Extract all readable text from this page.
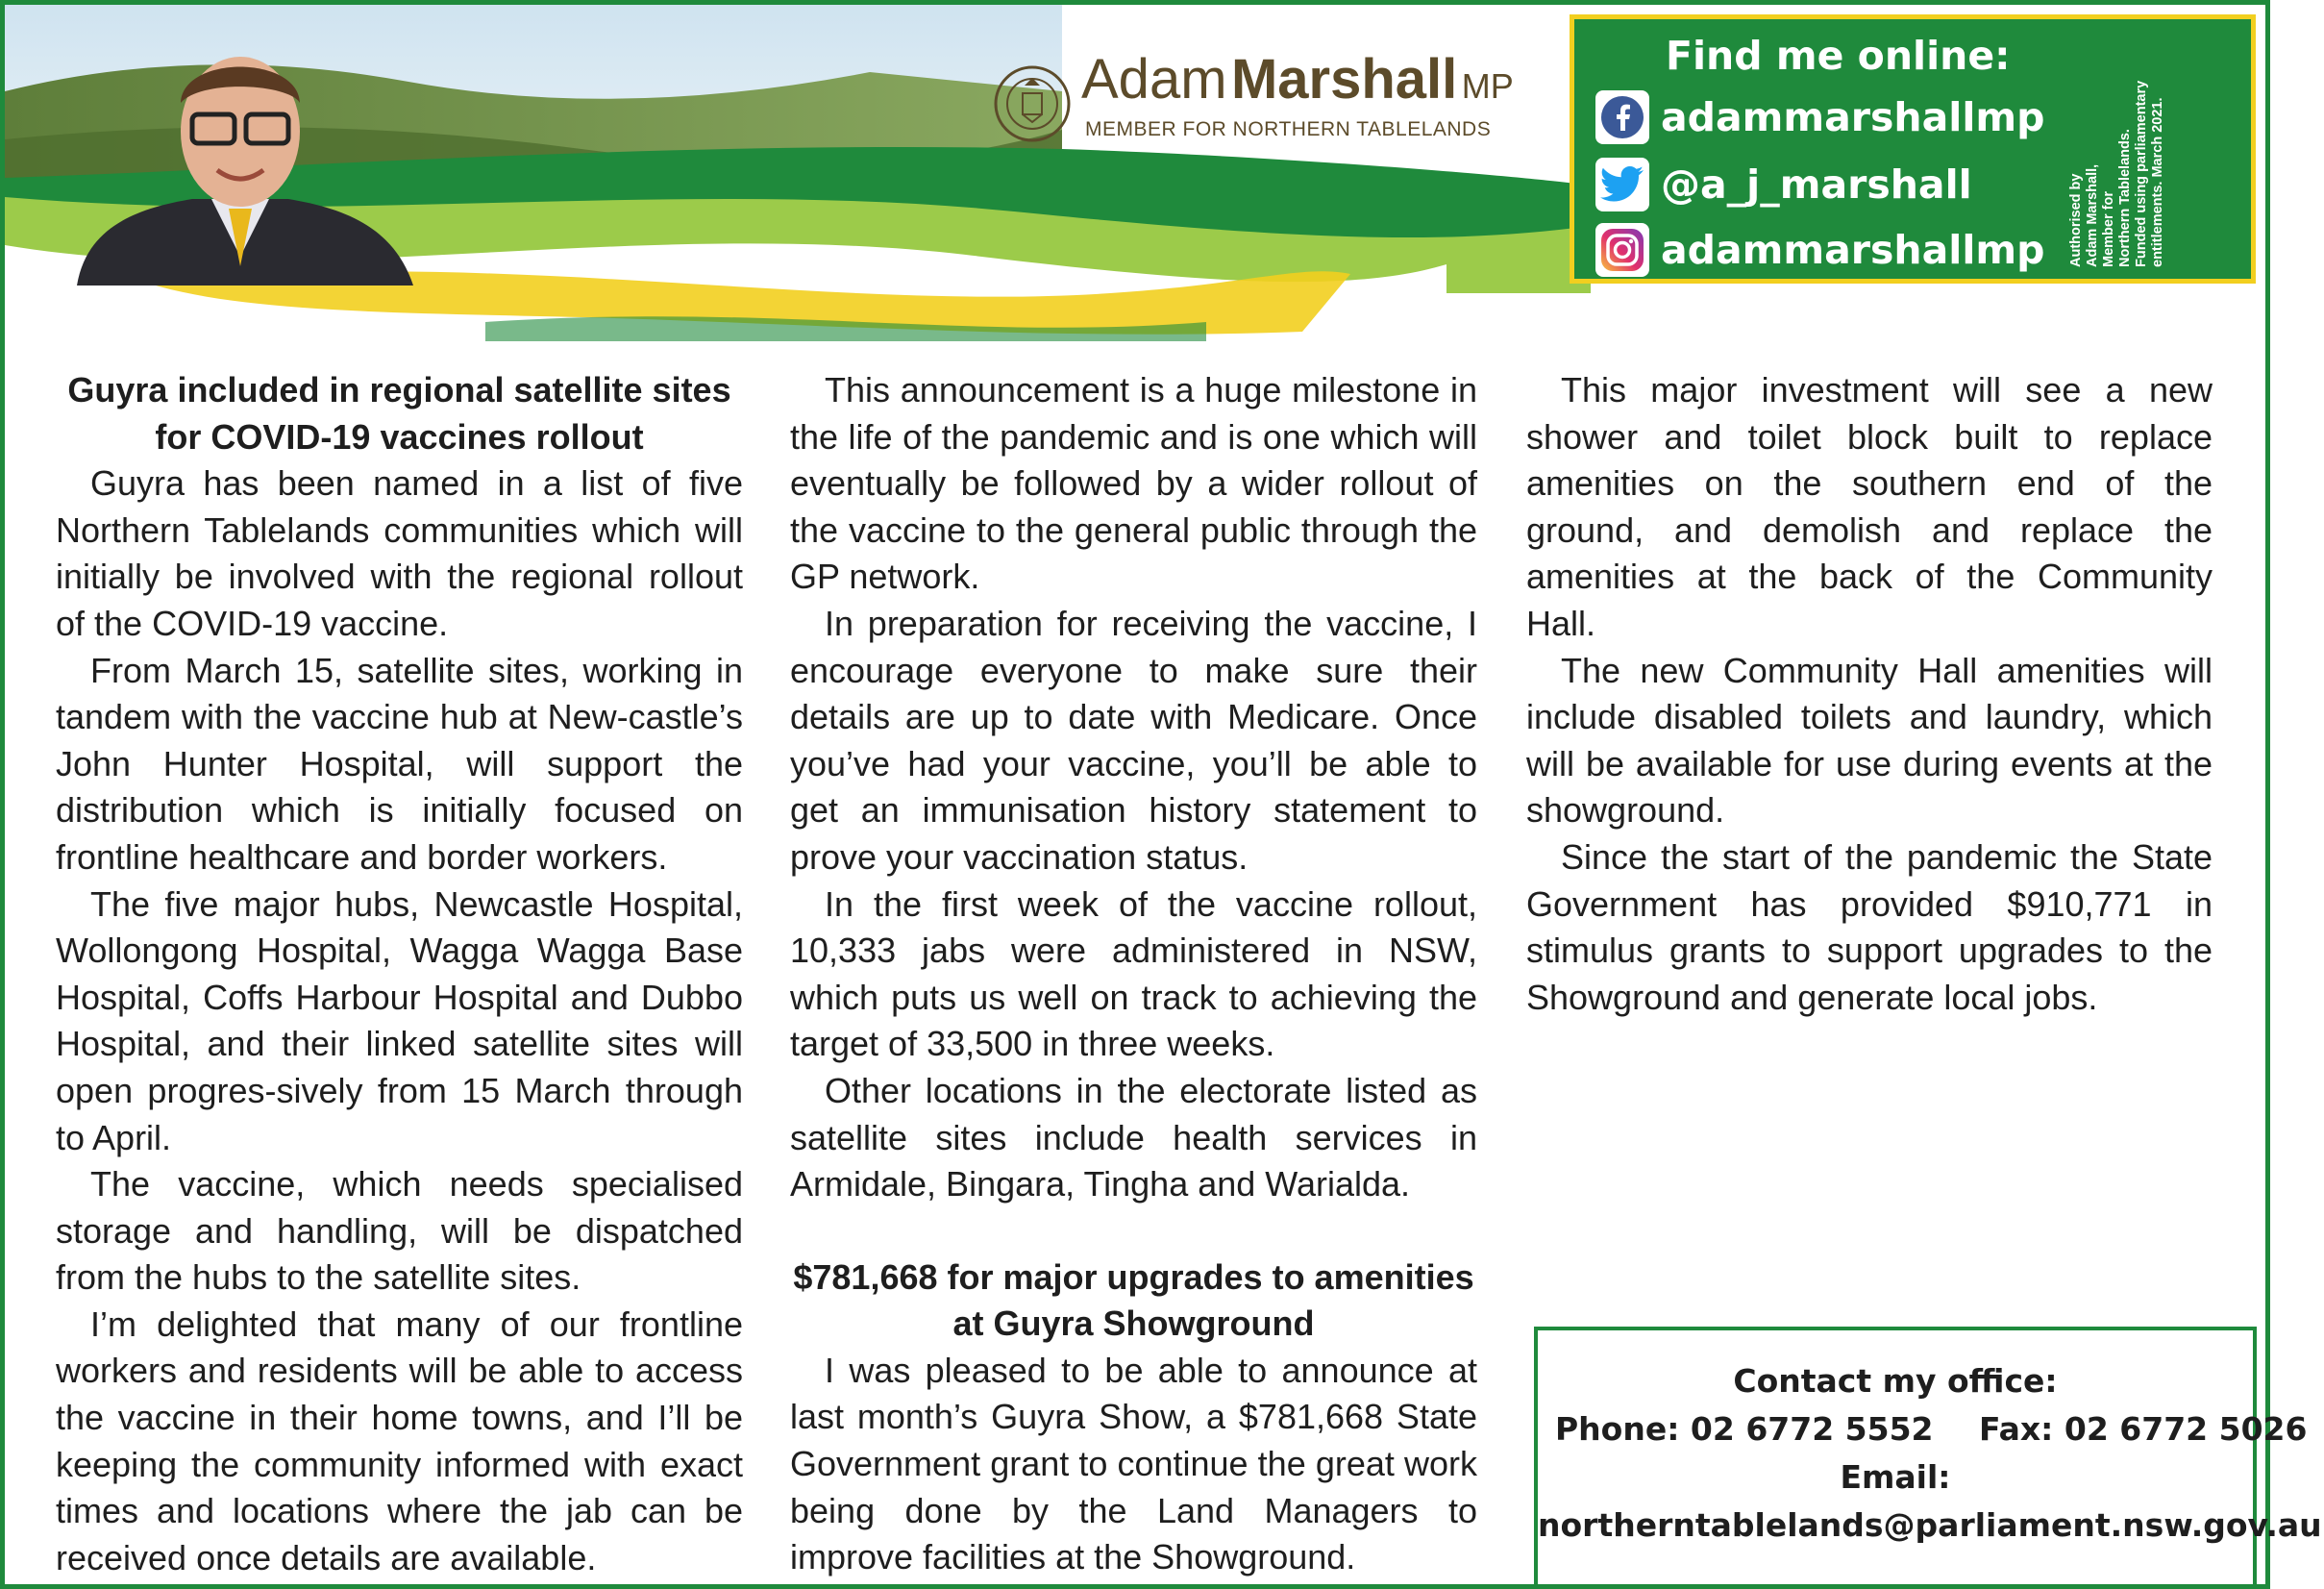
Adam Marshall MP
MEMBER FOR NORTHERN TABLELANDS
Find me online:
adammarshallmp
@a_j_marshall
adammarshallmp Authorised by Adam Marshall, Member for Northern Tablelands. Funded using parliamentary entitlements. March 2021.
Guyra included in regional satellite sites for COVID-19 vaccines rollout

Guyra has been named in a list of five Northern Tablelands communities which will initially be involved with the regional rollout of the COVID-19 vaccine.

From March 15, satellite sites, working in tandem with the vaccine hub at New-castle’s John Hunter Hospital, will support the distribution which is initially focused on frontline healthcare and border workers.

The five major hubs, Newcastle Hospital, Wollongong Hospital, Wagga Wagga Base Hospital, Coffs Harbour Hospital and Dubbo Hospital, and their linked satellite sites will open progres-sively from 15 March through to April.

The vaccine, which needs specialised storage and handling, will be dispatched from the hubs to the satellite sites.

I’m delighted that many of our frontline workers and residents will be able to access the vaccine in their home towns, and I’ll be keeping the community informed with exact times and locations where the jab can be received once details are available.

This announcement is a huge milestone in the life of the pandemic and is one which will eventually be followed by a wider rollout of the vaccine to the general public through the GP network.

In preparation for receiving the vaccine, I encourage everyone to make sure their details are up to date with Medicare. Once you’ve had your vaccine, you’ll be able to get an immunisation history statement to prove your vaccination status.

In the first week of the vaccine rollout, 10,333 jabs were administered in NSW, which puts us well on track to achieving the target of 33,500 in three weeks.

Other locations in the electorate listed as satellite sites include health services in Armidale, Bingara, Tingha and Warialda.

$781,668 for major upgrades to amenities at Guyra Showground

I was pleased to be able to announce at last month’s Guyra Show, a $781,668 State Government grant to continue the great work being done by the Land Managers to improve facilities at the Showground.

This major investment will see a new shower and toilet block built to replace amenities on the southern end of the ground, and demolish and replace the amenities at the back of the Community Hall.

The new Community Hall amenities will include disabled toilets and laundry, which will be available for use during events at the showground.

Since the start of the pandemic the State Government has provided $910,771 in stimulus grants to support upgrades to the Showground and generate local jobs.

Contact my office:
Phone: 02 6772 5552 Fax: 02 6772 5026
Email:
northerntablelands@parliament.nsw.gov.au
